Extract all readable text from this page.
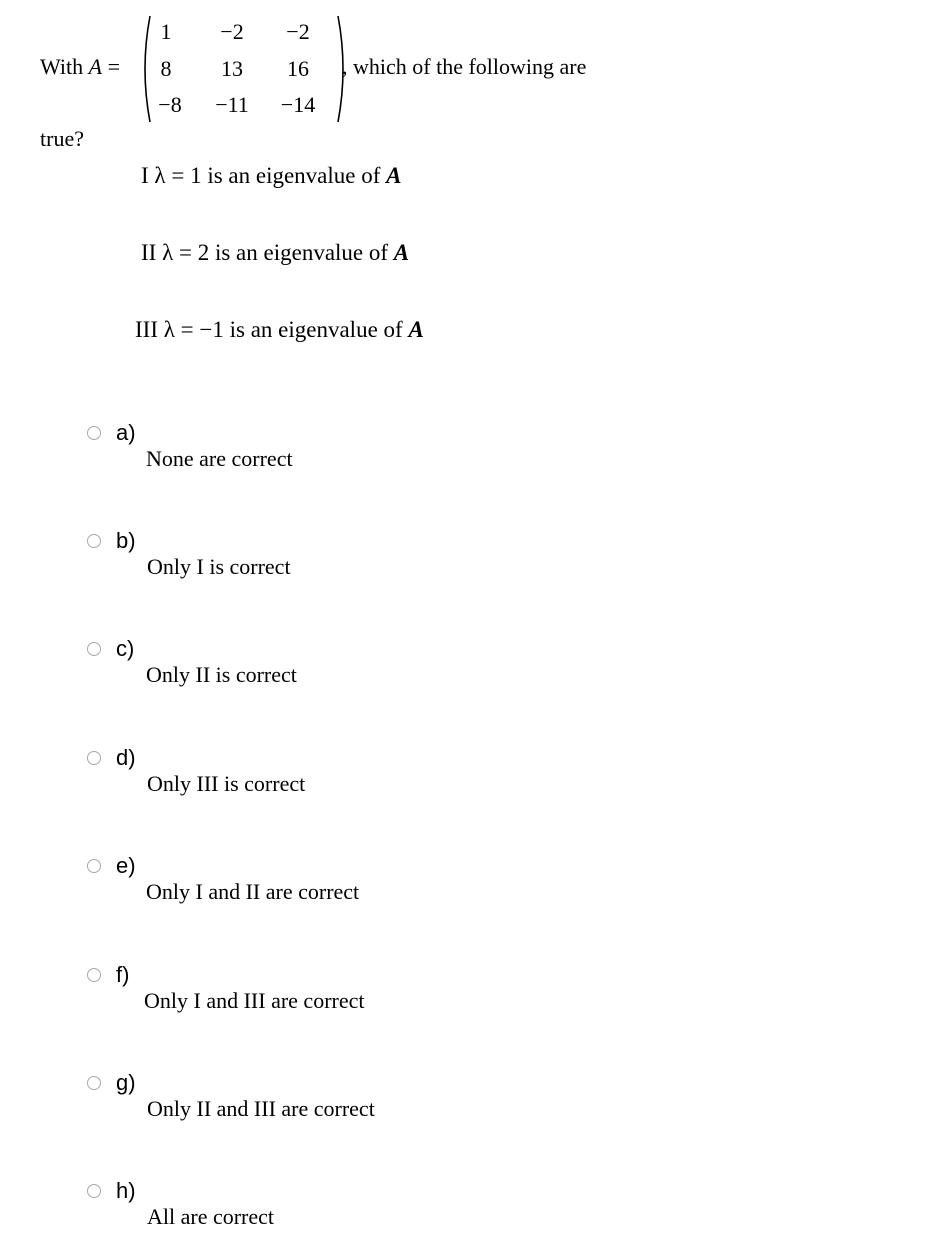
With A =
1	−2	−2
8	13	16
−8	−11	−14
, which of the following are
true?
I λ = 1 is an eigenvalue of A
II λ = 2 is an eigenvalue of A
III λ = −1 is an eigenvalue of A
a)
None are correct
b)
Only I is correct
c)
Only II is correct
d)
Only III is correct
e)
Only I and II are correct
f)
Only I and III are correct
g)
Only II and III are correct
h)
All are correct
